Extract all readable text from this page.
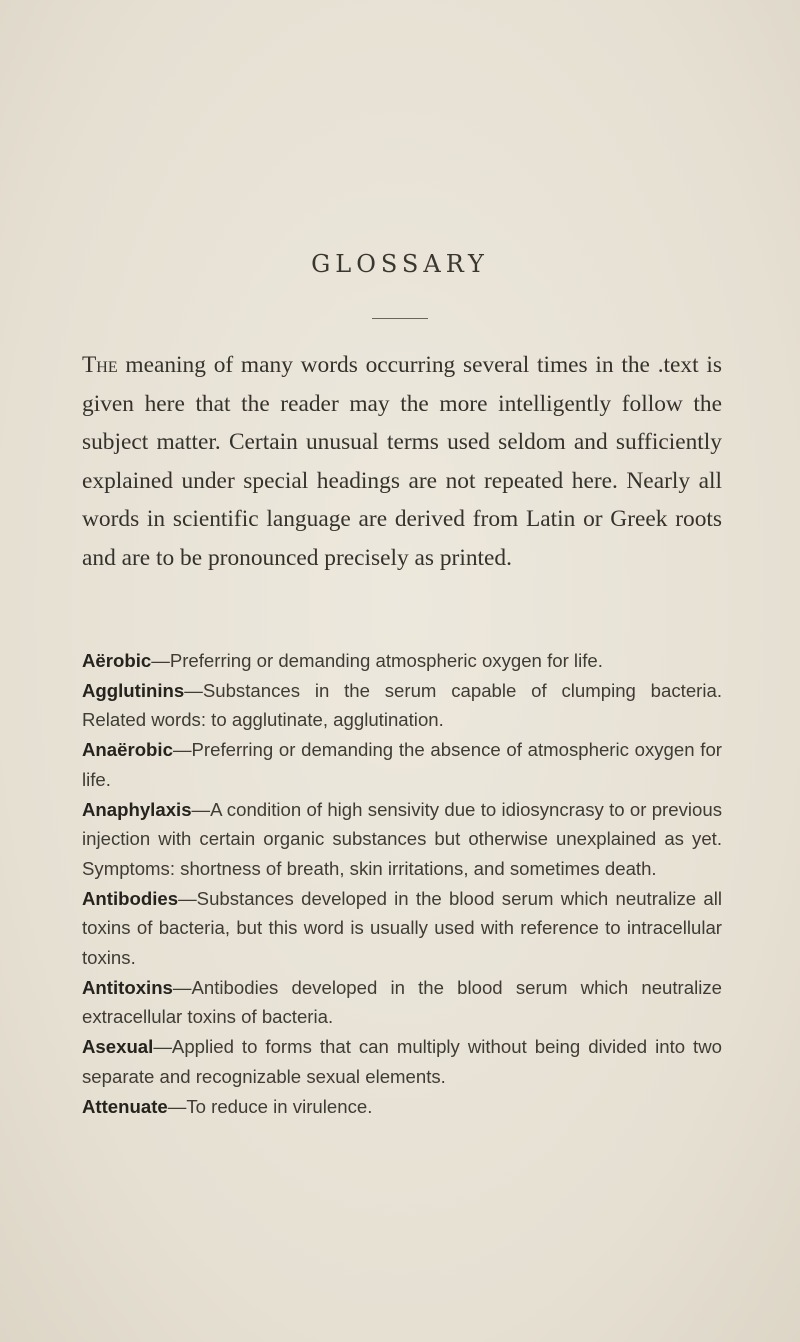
GLOSSARY
The meaning of many words occurring several times in the .text is given here that the reader may the more intelligently follow the subject matter. Certain unusual terms used seldom and sufficiently explained under special headings are not repeated here. Nearly all words in scientific language are derived from Latin or Greek roots and are to be pronounced precisely as printed.

Aërobic—Preferring or demanding atmospheric oxygen for life.

Agglutinins—Substances in the serum capable of clumping bacteria. Related words: to agglutinate, agglutination.

Anaërobic—Preferring or demanding the absence of atmospheric oxygen for life.

Anaphylaxis—A condition of high sensivity due to idiosyncrasy to or previous injection with certain organic substances but otherwise unexplained as yet. Symptoms: shortness of breath, skin irritations, and sometimes death.

Antibodies—Substances developed in the blood serum which neutralize all toxins of bacteria, but this word is usually used with reference to intracellular toxins.

Antitoxins—Antibodies developed in the blood serum which neutralize extracellular toxins of bacteria.

Asexual—Applied to forms that can multiply without being divided into two separate and recognizable sexual elements.

Attenuate—To reduce in virulence.
